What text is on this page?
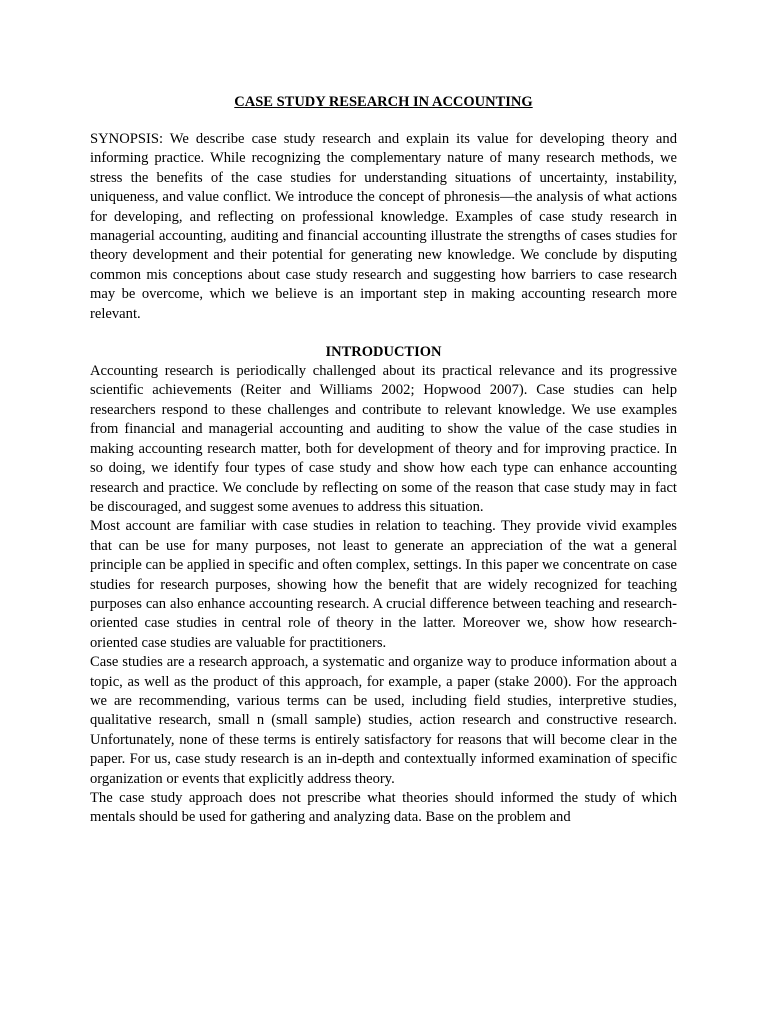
CASE STUDY RESEARCH IN ACCOUNTING

SYNOPSIS: We describe case study research and explain its value for developing theory and informing practice. While recognizing the complementary nature of many research methods, we stress the benefits of the case studies for understanding situations of uncertainty, instability, uniqueness, and value conflict. We introduce the concept of phronesis—the analysis of what actions for developing, and reflecting on professional knowledge. Examples of case study research in managerial accounting, auditing and financial accounting illustrate the strengths of cases studies for theory development and their potential for generating new knowledge. We conclude by disputing common mis conceptions about case study research and suggesting how barriers to case research may be overcome, which we believe is an important step in making accounting research more relevant.

INTRODUCTION

Accounting research is periodically challenged about its practical relevance and its progressive scientific achievements (Reiter and Williams 2002; Hopwood 2007). Case studies can help researchers respond to these challenges and contribute to relevant knowledge. We use examples from financial and managerial accounting and auditing to show the value of the case studies in making accounting research matter, both for development of theory and for improving practice. In so doing, we identify four types of case study and show how each type can enhance accounting research and practice. We conclude by reflecting on some of the reason that case study may in fact be discouraged, and suggest some avenues to address this situation.

Most account are familiar with case studies in relation to teaching. They provide vivid examples that can be use for many purposes, not least to generate an appreciation of the wat a general principle can be applied in specific and often complex, settings. In this paper we concentrate on case studies for research purposes, showing how the benefit that are widely recognized for teaching purposes can also enhance accounting research. A crucial difference between teaching and research-oriented case studies in central role of theory in the latter. Moreover we, show how research-oriented case studies are valuable for practitioners.

Case studies are a research approach, a systematic and organize way to produce information about a topic, as well as the product of this approach, for example, a paper (stake 2000). For the approach we are recommending, various terms can be used, including field studies, interpretive studies, qualitative research, small n (small sample) studies, action research and constructive research. Unfortunately, none of these terms is entirely satisfactory for reasons that will become clear in the paper. For us, case study research is an in-depth and contextually informed examination of specific organization or events that explicitly address theory.

The case study approach does not prescribe what theories should informed the study of which mentals should be used for gathering and analyzing data. Base on the problem and
